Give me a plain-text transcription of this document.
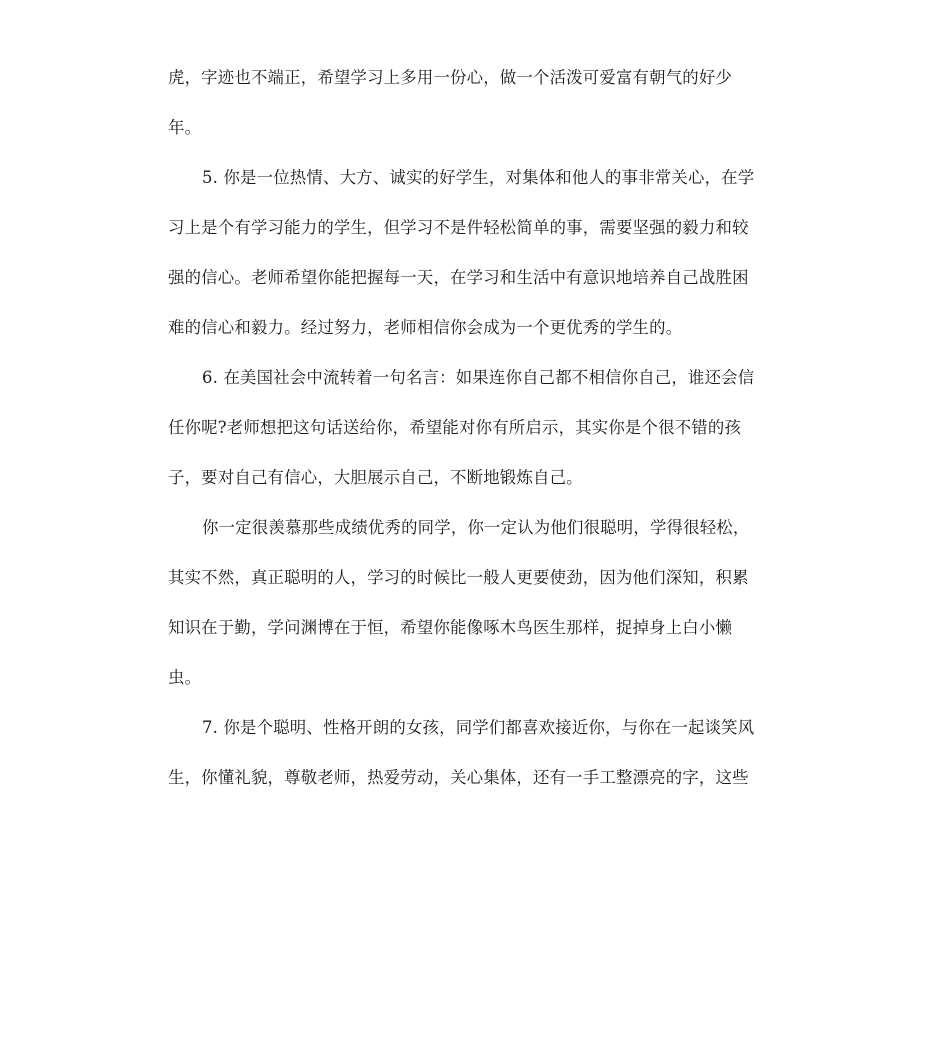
虎，字迹也不端正，希望学习上多用一份心，做一个活泼可爱富有朝气的好少
年。
5. 你是一位热情、大方、诚实的好学生，对集体和他人的事非常关心，在学
习上是个有学习能力的学生，但学习不是件轻松简单的事，需要坚强的毅力和较
强的信心。老师希望你能把握每一天，在学习和生活中有意识地培养自己战胜困
难的信心和毅力。经过努力，老师相信你会成为一个更优秀的学生的。
6. 在美国社会中流转着一句名言：如果连你自己都不相信你自己，谁还会信
任你呢?老师想把这句话送给你，希望能对你有所启示，其实你是个很不错的孩
子，要对自己有信心，大胆展示自己，不断地锻炼自己。
你一定很羡慕那些成绩优秀的同学，你一定认为他们很聪明，学得很轻松，
其实不然，真正聪明的人，学习的时候比一般人更要使劲，因为他们深知，积累
知识在于勤，学问渊博在于恒，希望你能像啄木鸟医生那样，捉掉身上白小懒
虫。
7. 你是个聪明、性格开朗的女孩，同学们都喜欢接近你，与你在一起谈笑风
生，你懂礼貌，尊敬老师，热爱劳动，关心集体，还有一手工整漂亮的字，这些
